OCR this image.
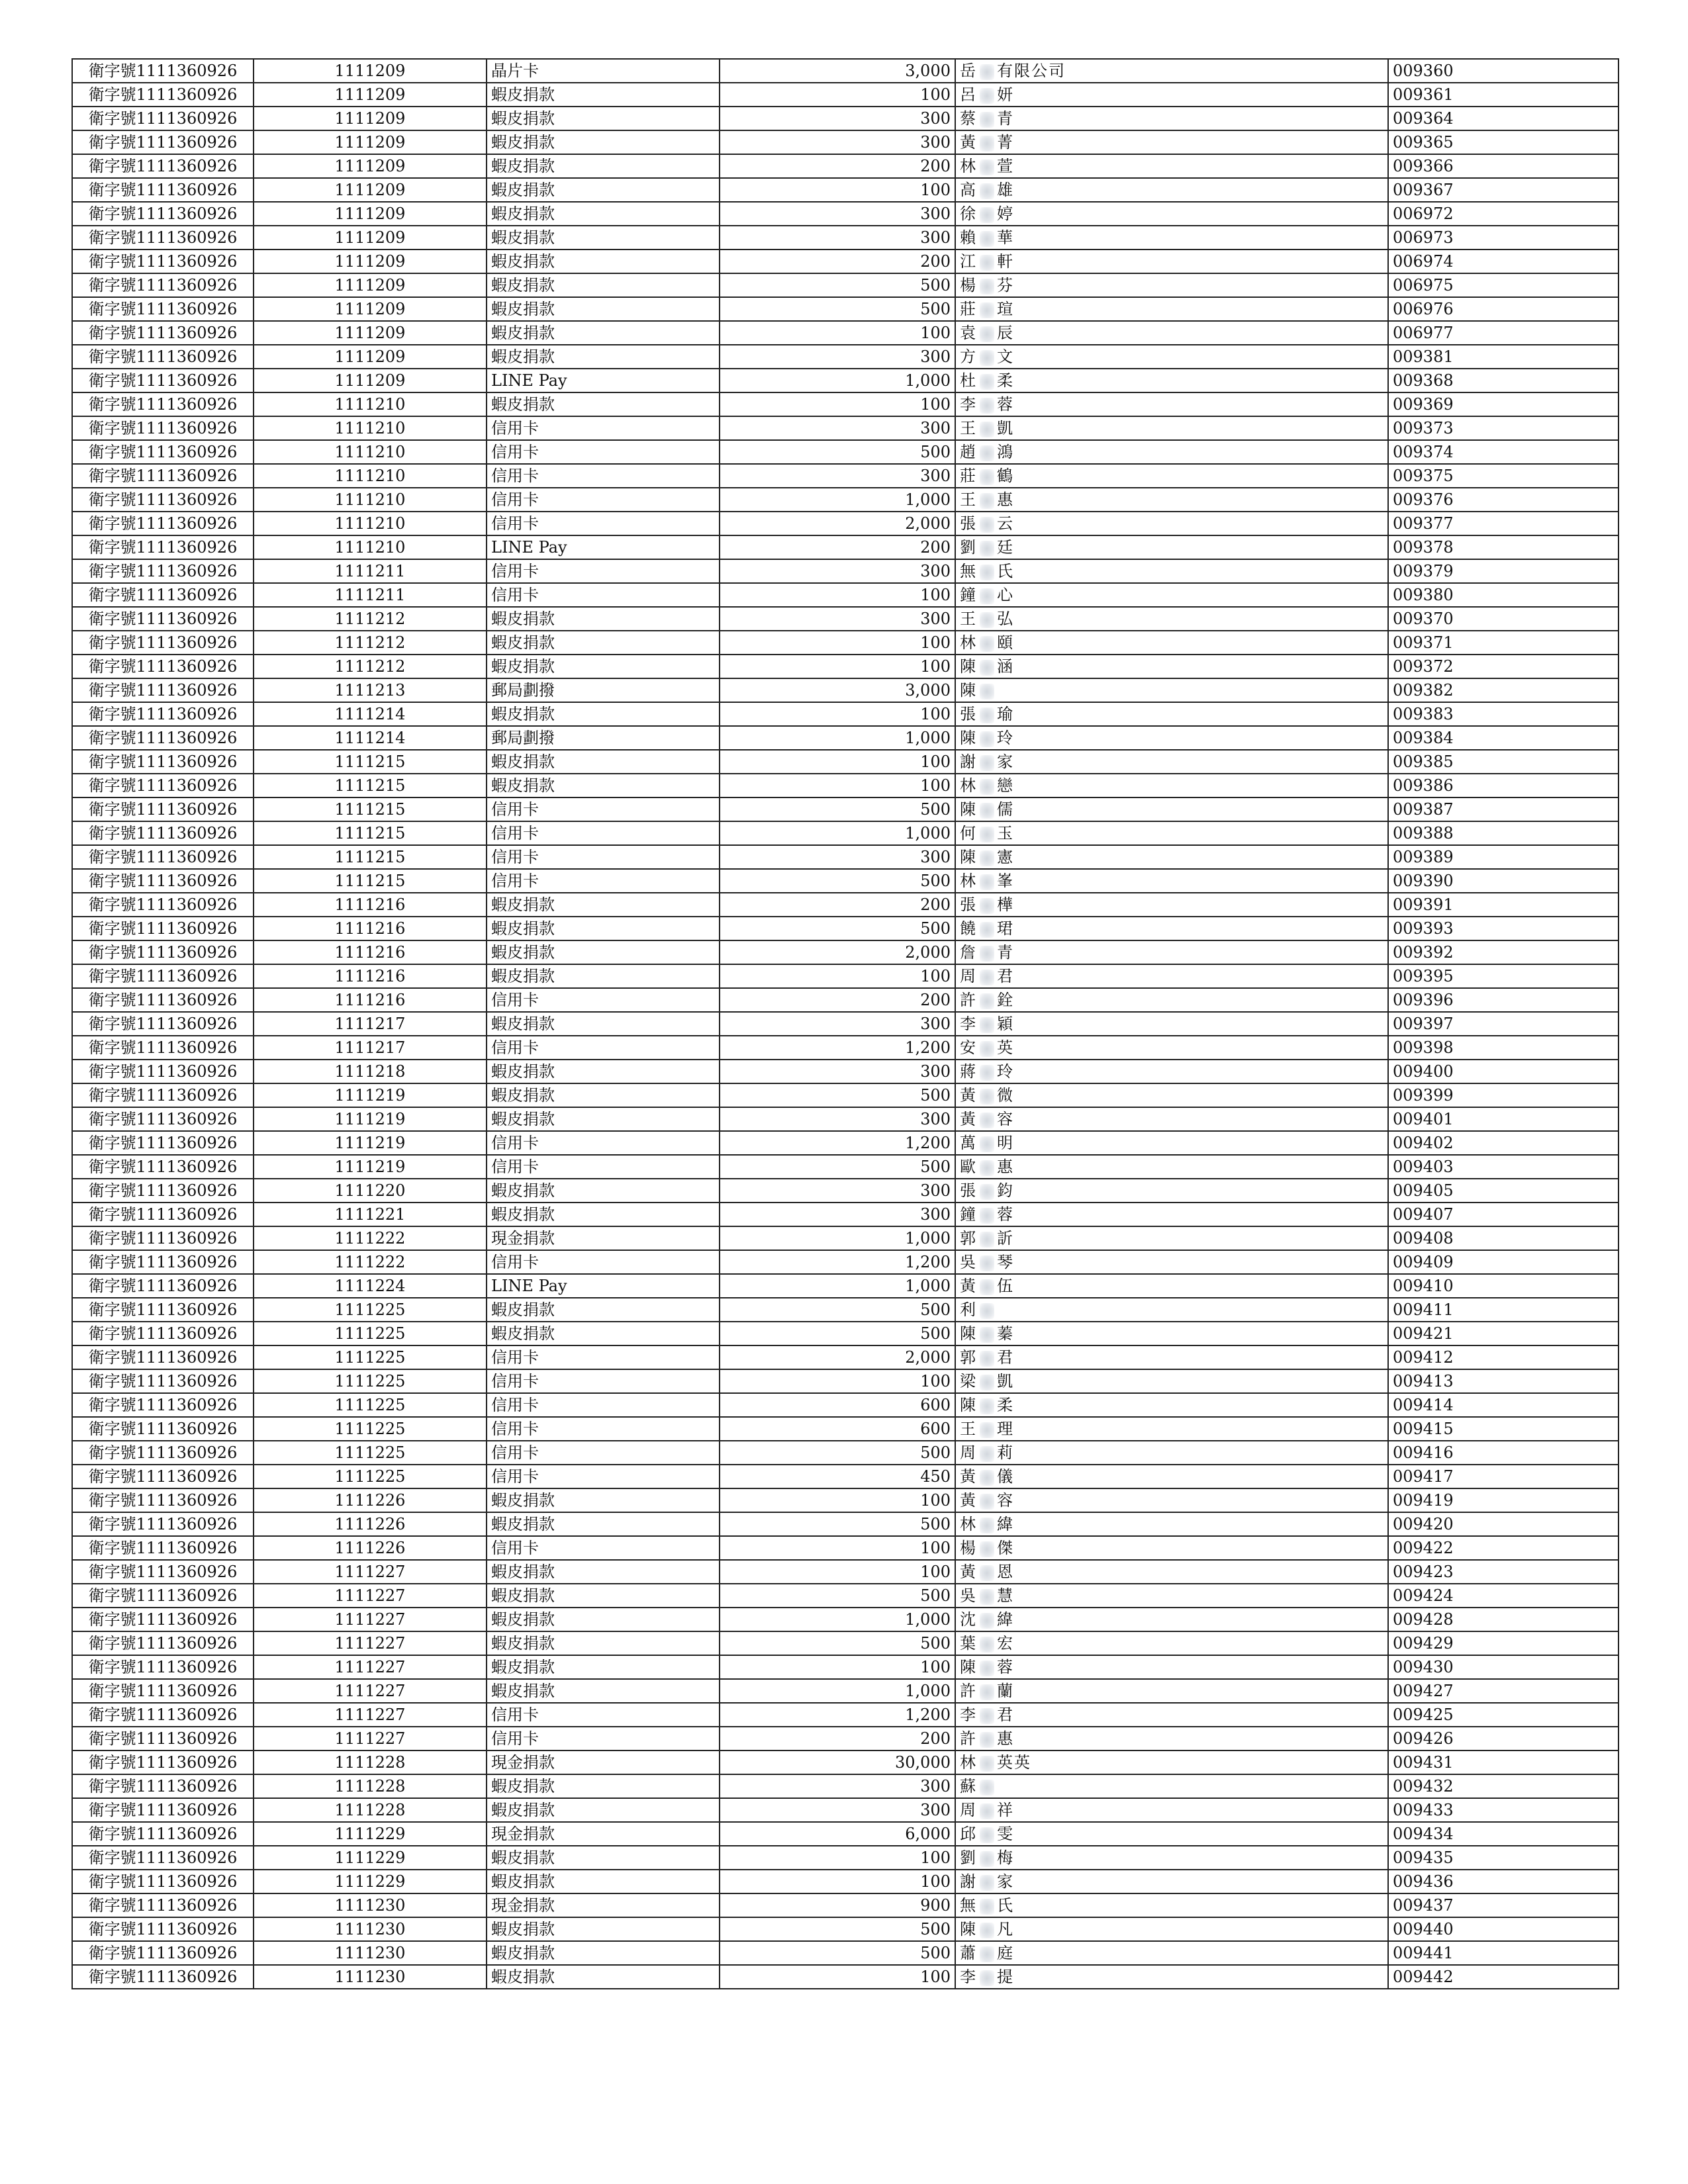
衛字號1111360926	1111209	晶片卡	3,000	岳 有限公司	009360
衛字號1111360926	1111209	蝦皮捐款	100	呂 妍	009361
衛字號1111360926	1111209	蝦皮捐款	300	蔡 青	009364
衛字號1111360926	1111209	蝦皮捐款	300	黃 菁	009365
衛字號1111360926	1111209	蝦皮捐款	200	林 萱	009366
衛字號1111360926	1111209	蝦皮捐款	100	高 雄	009367
衛字號1111360926	1111209	蝦皮捐款	300	徐 婷	006972
衛字號1111360926	1111209	蝦皮捐款	300	賴 華	006973
衛字號1111360926	1111209	蝦皮捐款	200	江 軒	006974
衛字號1111360926	1111209	蝦皮捐款	500	楊 芬	006975
衛字號1111360926	1111209	蝦皮捐款	500	莊 瑄	006976
衛字號1111360926	1111209	蝦皮捐款	100	袁 辰	006977
衛字號1111360926	1111209	蝦皮捐款	300	方 文	009381
衛字號1111360926	1111209	LINE Pay	1,000	杜 柔	009368
衛字號1111360926	1111210	蝦皮捐款	100	李 蓉	009369
衛字號1111360926	1111210	信用卡	300	王 凱	009373
衛字號1111360926	1111210	信用卡	500	趙 鴻	009374
衛字號1111360926	1111210	信用卡	300	莊 鶴	009375
衛字號1111360926	1111210	信用卡	1,000	王 惠	009376
衛字號1111360926	1111210	信用卡	2,000	張 云	009377
衛字號1111360926	1111210	LINE Pay	200	劉 廷	009378
衛字號1111360926	1111211	信用卡	300	無 氏	009379
衛字號1111360926	1111211	信用卡	100	鐘 心	009380
衛字號1111360926	1111212	蝦皮捐款	300	王 弘	009370
衛字號1111360926	1111212	蝦皮捐款	100	林 頤	009371
衛字號1111360926	1111212	蝦皮捐款	100	陳 涵	009372
衛字號1111360926	1111213	郵局劃撥	3,000	陳	009382
衛字號1111360926	1111214	蝦皮捐款	100	張 瑜	009383
衛字號1111360926	1111214	郵局劃撥	1,000	陳 玲	009384
衛字號1111360926	1111215	蝦皮捐款	100	謝 家	009385
衛字號1111360926	1111215	蝦皮捐款	100	林 戀	009386
衛字號1111360926	1111215	信用卡	500	陳 儒	009387
衛字號1111360926	1111215	信用卡	1,000	何 玉	009388
衛字號1111360926	1111215	信用卡	300	陳 憲	009389
衛字號1111360926	1111215	信用卡	500	林 峯	009390
衛字號1111360926	1111216	蝦皮捐款	200	張 樺	009391
衛字號1111360926	1111216	蝦皮捐款	500	饒 珺	009393
衛字號1111360926	1111216	蝦皮捐款	2,000	詹 青	009392
衛字號1111360926	1111216	蝦皮捐款	100	周 君	009395
衛字號1111360926	1111216	信用卡	200	許 銓	009396
衛字號1111360926	1111217	蝦皮捐款	300	李 穎	009397
衛字號1111360926	1111217	信用卡	1,200	安 英	009398
衛字號1111360926	1111218	蝦皮捐款	300	蔣 玲	009400
衛字號1111360926	1111219	蝦皮捐款	500	黃 微	009399
衛字號1111360926	1111219	蝦皮捐款	300	黃 容	009401
衛字號1111360926	1111219	信用卡	1,200	萬 明	009402
衛字號1111360926	1111219	信用卡	500	歐 惠	009403
衛字號1111360926	1111220	蝦皮捐款	300	張 鈞	009405
衛字號1111360926	1111221	蝦皮捐款	300	鐘 蓉	009407
衛字號1111360926	1111222	現金捐款	1,000	郭 訢	009408
衛字號1111360926	1111222	信用卡	1,200	吳 琴	009409
衛字號1111360926	1111224	LINE Pay	1,000	黃 伍	009410
衛字號1111360926	1111225	蝦皮捐款	500	利	009411
衛字號1111360926	1111225	蝦皮捐款	500	陳 蓁	009421
衛字號1111360926	1111225	信用卡	2,000	郭 君	009412
衛字號1111360926	1111225	信用卡	100	梁 凱	009413
衛字號1111360926	1111225	信用卡	600	陳 柔	009414
衛字號1111360926	1111225	信用卡	600	王 理	009415
衛字號1111360926	1111225	信用卡	500	周 莉	009416
衛字號1111360926	1111225	信用卡	450	黃 儀	009417
衛字號1111360926	1111226	蝦皮捐款	100	黃 容	009419
衛字號1111360926	1111226	蝦皮捐款	500	林 緯	009420
衛字號1111360926	1111226	信用卡	100	楊 傑	009422
衛字號1111360926	1111227	蝦皮捐款	100	黃 恩	009423
衛字號1111360926	1111227	蝦皮捐款	500	吳 慧	009424
衛字號1111360926	1111227	蝦皮捐款	1,000	沈 緯	009428
衛字號1111360926	1111227	蝦皮捐款	500	葉 宏	009429
衛字號1111360926	1111227	蝦皮捐款	100	陳 蓉	009430
衛字號1111360926	1111227	蝦皮捐款	1,000	許 蘭	009427
衛字號1111360926	1111227	信用卡	1,200	李 君	009425
衛字號1111360926	1111227	信用卡	200	許 惠	009426
衛字號1111360926	1111228	現金捐款	30,000	林 英英	009431
衛字號1111360926	1111228	蝦皮捐款	300	蘇	009432
衛字號1111360926	1111228	蝦皮捐款	300	周 祥	009433
衛字號1111360926	1111229	現金捐款	6,000	邱 雯	009434
衛字號1111360926	1111229	蝦皮捐款	100	劉 梅	009435
衛字號1111360926	1111229	蝦皮捐款	100	謝 家	009436
衛字號1111360926	1111230	現金捐款	900	無 氏	009437
衛字號1111360926	1111230	蝦皮捐款	500	陳 凡	009440
衛字號1111360926	1111230	蝦皮捐款	500	蕭 庭	009441
衛字號1111360926	1111230	蝦皮捐款	100	李 提	009442
